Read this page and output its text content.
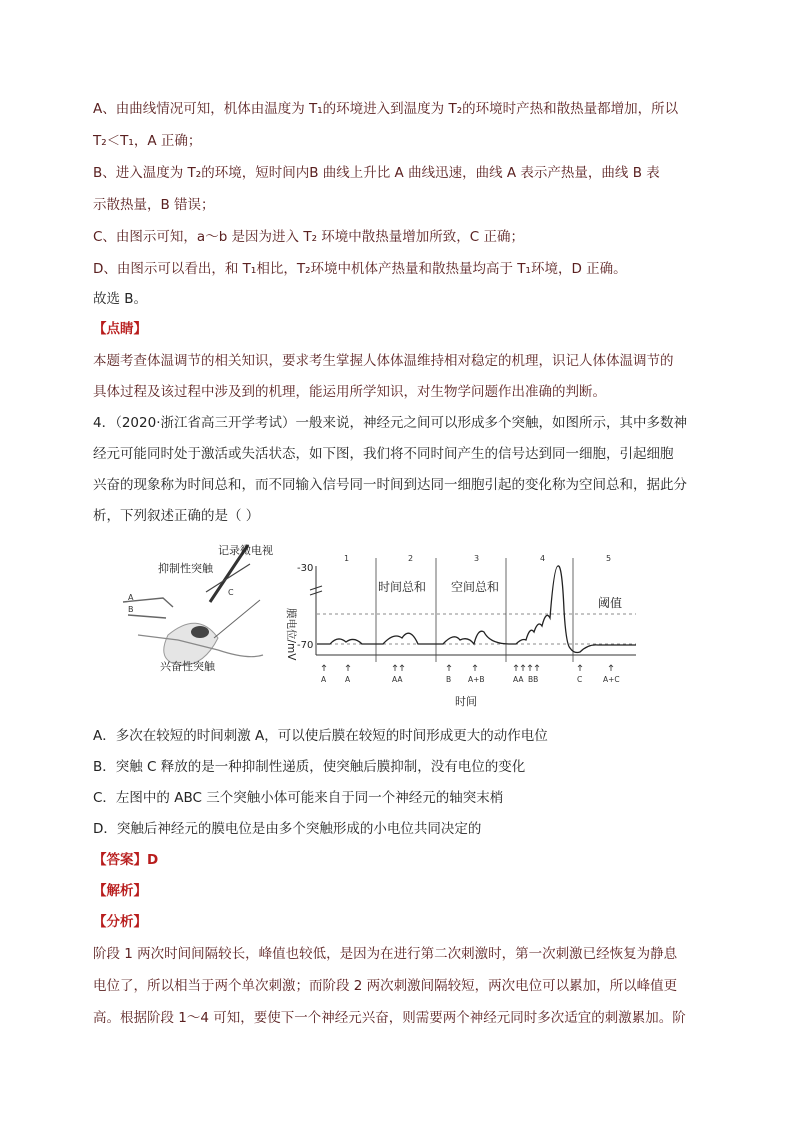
A、由曲线情况可知，机体由温度为 T₁的环境进入到温度为 T₂的环境时产热和散热量都增加，所以
T₂＜T₁，A 正确；
B、进入温度为 T₂的环境，短时间内B 曲线上升比 A 曲线迅速，曲线 A 表示产热量，曲线 B 表
示散热量，B 错误；
C、由图示可知，a～b 是因为进入 T₂ 环境中散热量增加所致，C 正确；
D、由图示可以看出，和 T₁相比，T₂环境中机体产热量和散热量均高于 T₁环境，D 正确。
故选 B。
【点睛】
本题考查体温调节的相关知识，要求考生掌握人体体温维持相对稳定的机理，识记人体体温调节的
具体过程及该过程中涉及到的机理，能运用所学知识，对生物学问题作出准确的判断。
4．（2020·浙江省高三开学考试）一般来说，神经元之间可以形成多个突触，如图所示，其中多数神
经元可能同时处于激活或失活状态，如下图，我们将不同时间产生的信号达到同一细胞，引起细胞
兴奋的现象称为时间总和，而不同输入信号同一时间到达同一细胞引起的变化称为空间总和，据此分
析，下列叙述正确的是（ ）
记录微电视
抑制性突触
兴奋性突触
A
B
C
膜电位/mV
-30
-70
1	2	3	4	5
时间总和 空间总和
阈值
A	A	AA	B A+B	AA BB	C	A+C
时间
A．多次在较短的时间刺激 A，可以使后膜在较短的时间形成更大的动作电位
B．突触 C 释放的是一种抑制性递质，使突触后膜抑制，没有电位的变化
C．左图中的 ABC 三个突触小体可能来自于同一个神经元的轴突末梢
D．突触后神经元的膜电位是由多个突触形成的小电位共同决定的
【答案】D
【解析】
【分析】
阶段 1 两次时间间隔较长，峰值也较低，是因为在进行第二次刺激时，第一次刺激已经恢复为静息
电位了，所以相当于两个单次刺激；而阶段 2 两次刺激间隔较短，两次电位可以累加，所以峰值更
高。根据阶段 1～4 可知，要使下一个神经元兴奋，则需要两个神经元同时多次适宜的刺激累加。阶
